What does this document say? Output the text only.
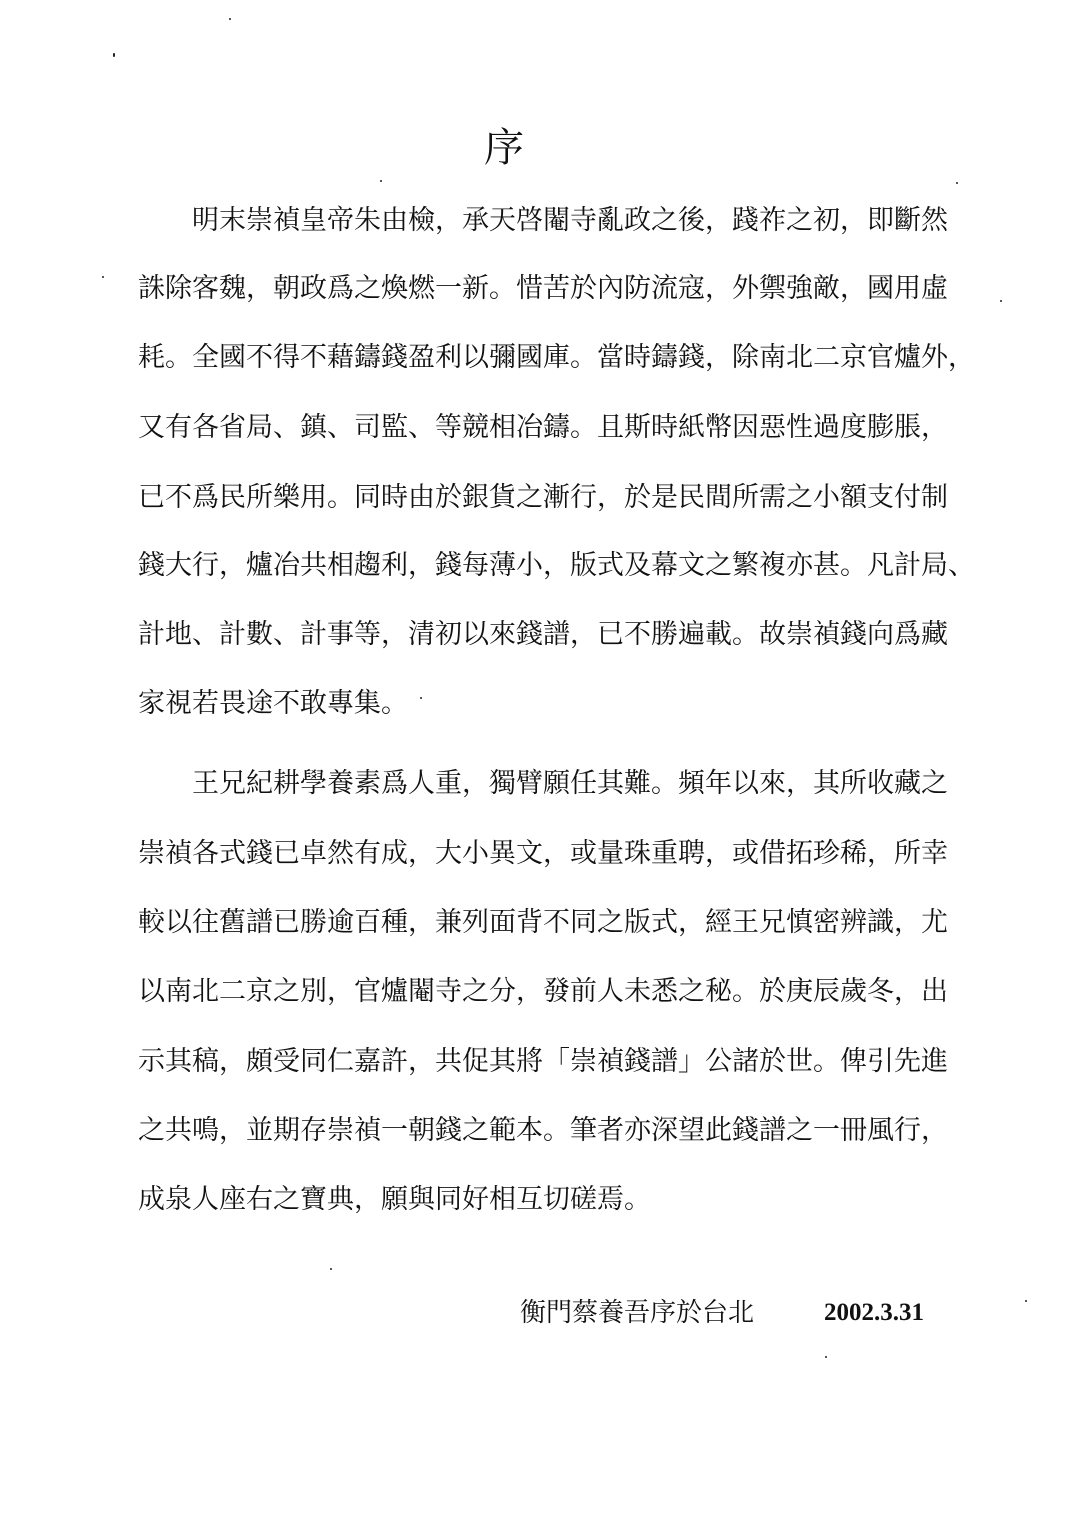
序
明末崇禎皇帝朱由檢，承天啓閹寺亂政之後，踐祚之初，即斷然
誅除客魏，朝政爲之煥燃一新。惜苦於內防流寇，外禦強敵，國用虛
耗。全國不得不藉鑄錢盈利以彌國庫。當時鑄錢，除南北二京官爐外，
又有各省局、鎮、司監、等競相冶鑄。且斯時紙幣因惡性過度膨脹，
已不爲民所樂用。同時由於銀貨之漸行，於是民間所需之小額支付制
錢大行，爐冶共相趨利，錢每薄小，版式及幕文之繁複亦甚。凡計局、
計地、計數、計事等，清初以來錢譜，已不勝遍載。故崇禎錢向爲藏
家視若畏途不敢專集。
王兄紀耕學養素爲人重，獨臂願任其難。頻年以來，其所收藏之
崇禎各式錢已卓然有成，大小異文，或量珠重聘，或借拓珍稀，所幸
較以往舊譜已勝逾百種，兼列面背不同之版式，經王兄慎密辨識，尤
以南北二京之別，官爐閹寺之分，發前人未悉之秘。於庚辰歲冬，出
示其稿，頗受同仁嘉許，共促其將「崇禎錢譜」公諸於世。俾引先進
之共鳴，並期存崇禎一朝錢之範本。筆者亦深望此錢譜之一冊風行，
成泉人座右之寶典，願與同好相互切磋焉。
衡門蔡養吾序於台北	2002.3.31
